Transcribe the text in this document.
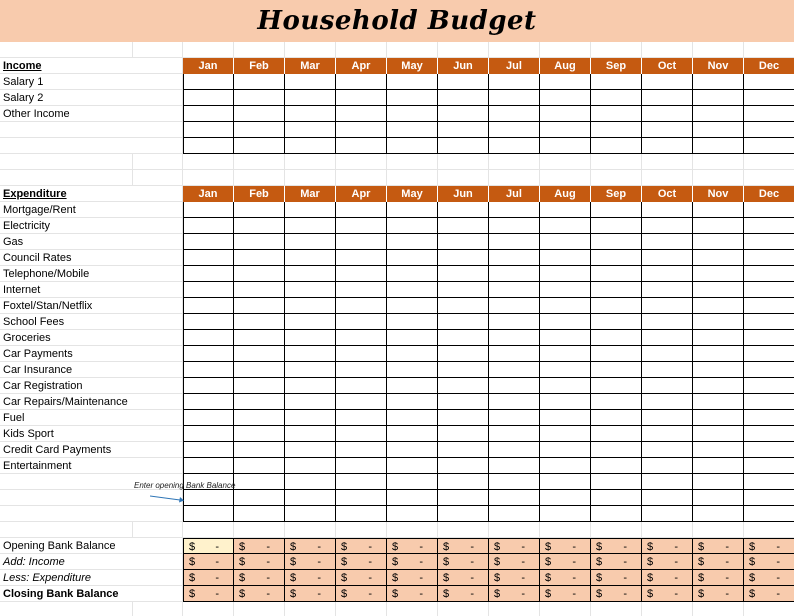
Household Budget
Income	Jan	Feb	Mar	Apr	May	Jun	Jul	Aug	Sep	Oct	Nov	Dec
Salary 1
Salary 2
Other Income
Expenditure	Jan	Feb	Mar	Apr	May	Jun	Jul	Aug	Sep	Oct	Nov	Dec
Mortgage/Rent
Electricity
Gas
Council Rates
Telephone/Mobile
Internet
Foxtel/Stan/Netflix
School Fees
Groceries
Car Payments
Car Insurance
Car Registration
Car Repairs/Maintenance
Fuel
Kids Sport
Credit Card Payments
Entertainment
Opening Bank Balance	$ - $ - $ - $ - $ - $ - $ - $ - $ - $ - $ - $ -
Add: Income	$ - $ - $ - $ - $ - $ - $ - $ - $ - $ - $ - $ -
Less: Expenditure	$ - $ - $ - $ - $ - $ - $ - $ - $ - $ - $ - $ -
Closing Bank Balance	$ - $ - $ - $ - $ - $ - $ - $ - $ - $ - $ - $ -
Enter opening Bank Balance
